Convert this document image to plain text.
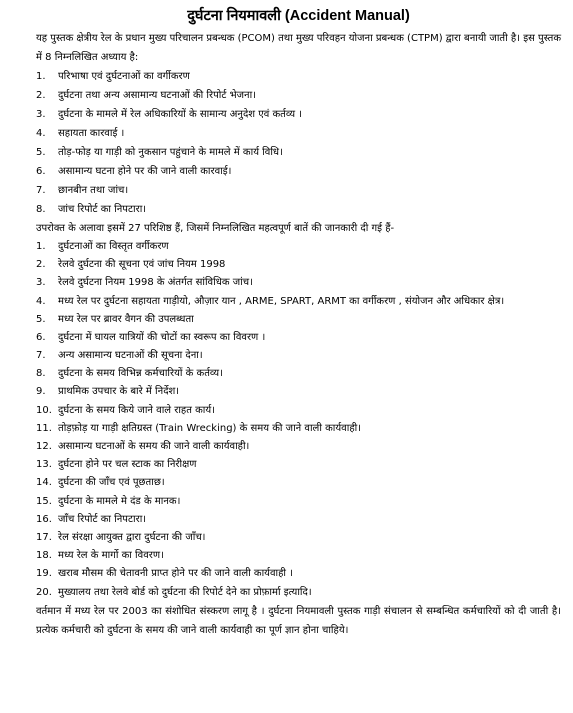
दुर्घटना नियमावली (Accident Manual)

यह पुस्तक क्षेत्रीय रेल के प्रधान मुख्य परिचालन प्रबन्धक (PCOM) तथा मुख्य परिवहन योजना प्रबन्धक (CTPM) द्वारा बनायी जाती है। इस पुस्तक में 8 निम्नलिखित अध्याय है:

1. परिभाषा एवं दुर्घटनाओं का वर्गीकरण
2. दुर्घटना तथा अन्य असामान्य घटनाओं की रिपोर्ट भेजना।
3. दुर्घटना के मामले में रेल अधिकारियों के सामान्य अनुदेश एवं कर्तव्य ।
4. सहायता कारवाई ।
5. तोड़-फोड़ या गाड़ी को नुकसान पहुंचाने के मामले में कार्य विधि।
6. असामान्य घटना होने पर की जाने वाली कारवाई।
7. छानबीन तथा जांच।
8. जांच रिपोर्ट का निपटारा।

उपरोक्त के अलावा इसमें 27 परिशिष्ठ हैं, जिसमें निम्नलिखित महत्वपूर्ण बातें की जानकारी दी गई हैं-

1. दुर्घटनाओं का विस्तृत वर्गीकरण
2. रेलवे दुर्घटना की सूचना एवं जांच नियम 1998
3. रेलवे दुर्घटना नियम 1998 के अंतर्गत सांविधिक जांच।
4. मध्य रेल पर दुर्घटना सहायता गाड़ीयो, औज़ार यान , ARME, SPART, ARMT का वर्गीकरण , संयोजन और अधिकार क्षेत्र।
5. मध्य रेल पर ब्रावर वैगन की उपलब्धता
6. दुर्घटना में घायल यात्रियों की चोटों का स्वरूप का विवरण ।
7. अन्य असामान्य घटनाओं की सूचना देना।
8. दुर्घटना के समय विभिन्न कर्मचारियों के कर्तव्य।
9. प्राथमिक उपचार के बारे में निर्देश।
10. दुर्घटना के समय किये जाने वाले राहत कार्य।
11. तोड़फ़ोड़ या गाड़ी क्षतिग्रस्त (Train Wrecking) के समय की जाने वाली कार्यवाही।
12. असामान्य घटनाओं के समय की जाने वाली कार्यवाही।
13. दुर्घटना होने पर चल स्टाक का निरीक्षण
14. दुर्घटना की जाँच एवं पूछताछ।
15. दुर्घटना के मामले मे दंड के मानक।
16. जाँच रिपोर्ट का निपटारा।
17. रेल संरक्षा आयुक्त द्वारा दुर्घटना की जाँच।
18. मध्य रेल के मार्गो का विवरण।
19. खराब मौसम की चेतावनी प्राप्त होने पर की जाने वाली कार्यवाही ।
20. मुख्यालय तथा रेलवे बोर्ड को दुर्घटना की रिपोर्ट देने का प्रोफ़ार्मा इत्यादि।

वर्तमान में मध्य रेल पर 2003 का संशोधित संस्करण लागू है । दुर्घटना नियमावली पुस्तक गाड़ी संचालन से सम्बन्धित कर्मचारियों को दी जाती है। प्रत्येक कर्मचारी को दुर्घटना के समय की जाने वाली कार्यवाही का पूर्ण ज्ञान होना चाहिये।
